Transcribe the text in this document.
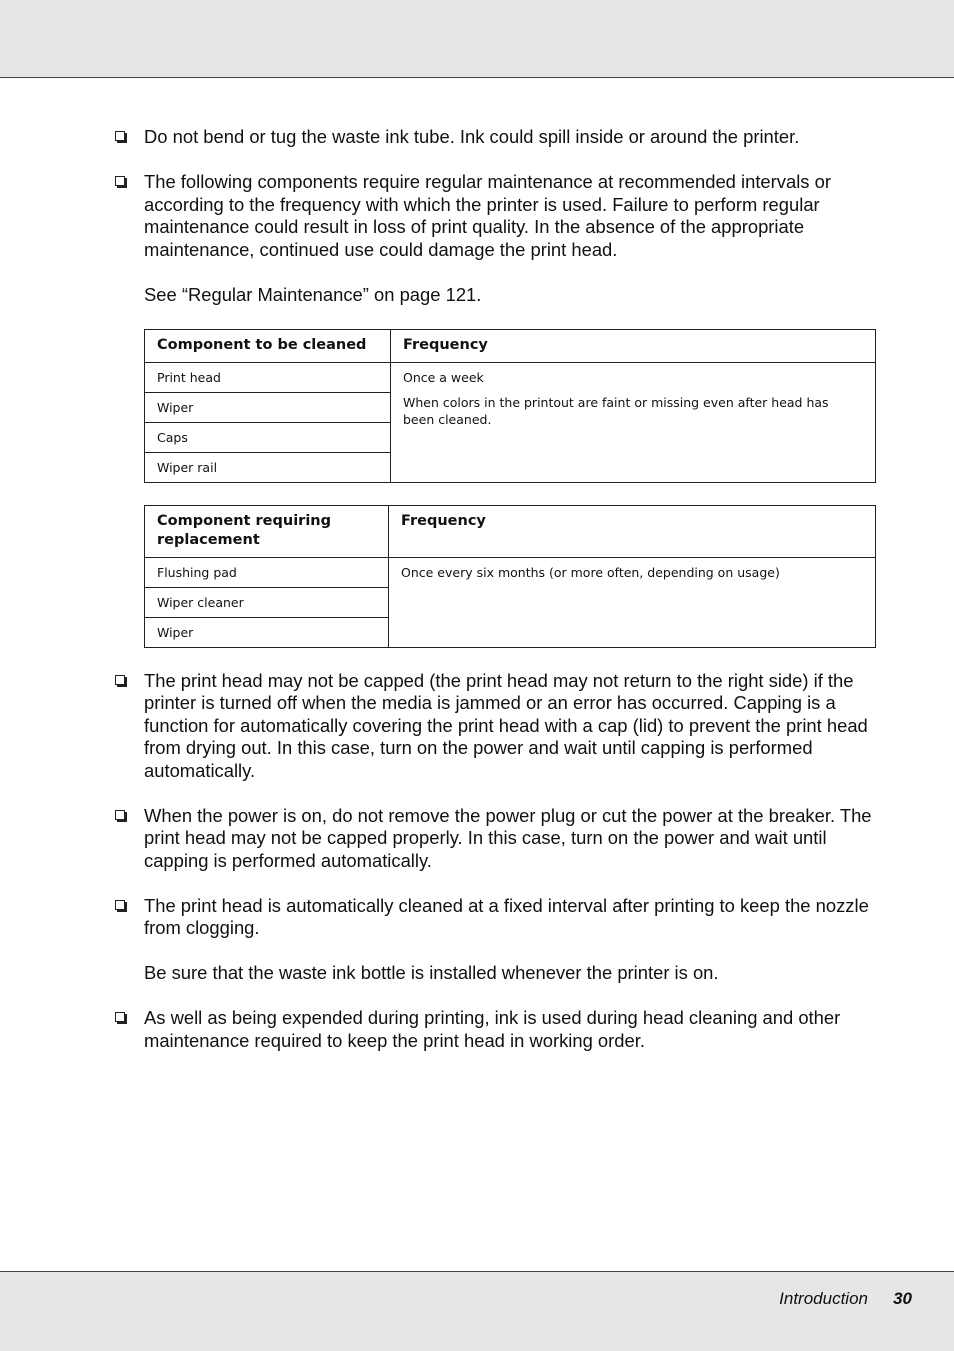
Do not bend or tug the waste ink tube. Ink could spill inside or around the printer.

The following components require regular maintenance at recommended intervals or according to the frequency with which the printer is used. Failure to perform regular maintenance could result in loss of print quality. In the absence of the appropriate maintenance, continued use could damage the print head.

See “Regular Maintenance” on page 121.

Component to be cleaned	Frequency
Print head	Once a week

When colors in the printout are faint or missing even after head has been cleaned.

Wiper	
Caps	
Wiper rail	
Component requiring replacement	Frequency
Flushing pad	Once every six months (or more often, depending on usage)

Wiper cleaner	
Wiper	

The print head may not be capped (the print head may not return to the right side) if the printer is turned off when the media is jammed or an error has occurred. Capping is a function for automatically covering the print head with a cap (lid) to prevent the print head from drying out. In this case, turn on the power and wait until capping is performed automatically.

When the power is on, do not remove the power plug or cut the power at the breaker. The print head may not be capped properly. In this case, turn on the power and wait until capping is performed automatically.

The print head is automatically cleaned at a fixed interval after printing to keep the nozzle from clogging.

Be sure that the waste ink bottle is installed whenever the printer is on.

As well as being expended during printing, ink is used during head cleaning and other maintenance required to keep the print head in working order.

Introduction 30
